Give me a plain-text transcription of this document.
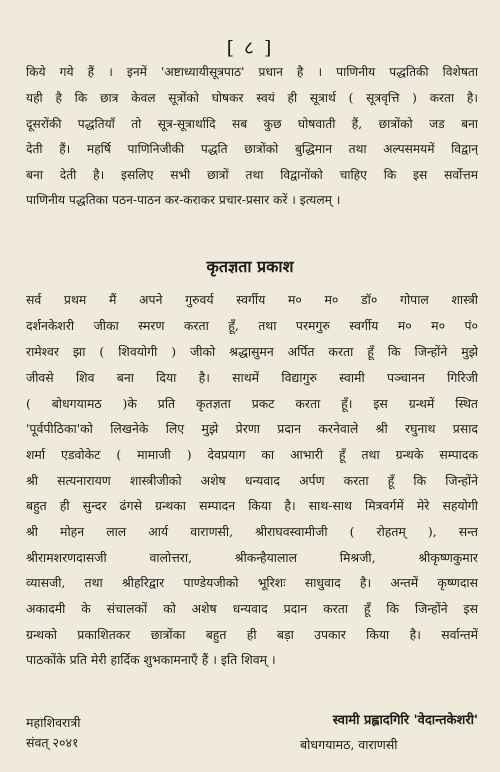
[ ८ ]
किये गये हैं । इनमें 'अष्टाध्यायीसूत्रपाठ' प्रधान है । पाणिनीय पद्धतिकी विशेषता
यही है कि छात्र केवल सूत्रोंको घोषकर स्वयं ही सूत्रार्थ ( सूत्रवृत्ति ) करता है।
दूसरोंकी पद्धतियाँ तो सूत्र-सूत्रार्थादि सब कुछ घोषवाती हैं, छात्रोंको जड बना
देती हैं। महर्षि पाणिनिजीकी पद्धति छात्रोंको बुद्धिमान तथा अल्पसमयमें विद्वान्
बना देती है। इसलिए सभी छात्रों तथा विद्वानोंको चाहिए कि इस सर्वोत्तम
पाणिनीय पद्धतिका पठन-पाठन कर-कराकर प्रचार-प्रसार करें । इत्यलम् ।
कृतज्ञता प्रकाश
सर्व प्रथम मैं अपने गुरुवर्य स्वर्गीय म० म० डॉ० गोपाल शास्त्री
दर्शनकेशरी जीका स्मरण करता हूँ, तथा परमगुरु स्वर्गीय म० म० पं०
रामेश्वर झा ( शिवयोगी ) जीको श्रद्धासुमन अर्पित करता हूँ कि जिन्होंने मुझे
जीवसे शिव बना दिया है। साथमें विद्यागुरु स्वामी पञ्चानन गिरिजी
( बोधगयामठ )के प्रति कृतज्ञता प्रकट करता हूँ। इस ग्रन्थमें स्थित
'पूर्वपीठिका'को लिखनेके लिए मुझे प्रेरणा प्रदान करनेवाले श्री रघुनाथ प्रसाद
शर्मा एडवोकेट ( मामाजी ) देवप्रयाग का आभारी हूँ तथा ग्रन्थके सम्पादक
श्री सत्यनारायण शास्त्रीजीको अशेष धन्यवाद अर्पण करता हूँ कि जिन्होंने
बहुत ही सुन्दर ढंगसे ग्रन्थका सम्पादन किया है। साथ-साथ मित्रवर्गमें मेरे सहयोगी
श्री मोहन लाल आर्य वाराणसी, श्रीराघवस्वामीजी ( रोहतम् ), सन्त
श्रीरामशरणदासजी वालोत्तरा, श्रीकन्हैयालाल मिश्रजी, श्रीकृष्णकुमार
व्यासजी, तथा श्रीहरिद्वार पाण्डेयजीको भूरिशः साधुवाद है। अन्तमें कृष्णदास
अकादमी के संचालकों को अशेष धन्यवाद प्रदान करता हूँ कि जिन्होंने इस
ग्रन्थको प्रकाशितकर छात्रोंका बहुत ही बड़ा उपकार किया है। सर्वान्तमें
पाठकोंके प्रति मेरी हार्दिक शुभकामनाएँ हैं । इति शिवम् ।
महाशिवरात्री
संवत् २०४१
स्वामी प्रह्लादगिरि 'वेदान्तकेशरी'
बोधगयामठ, वाराणसी
